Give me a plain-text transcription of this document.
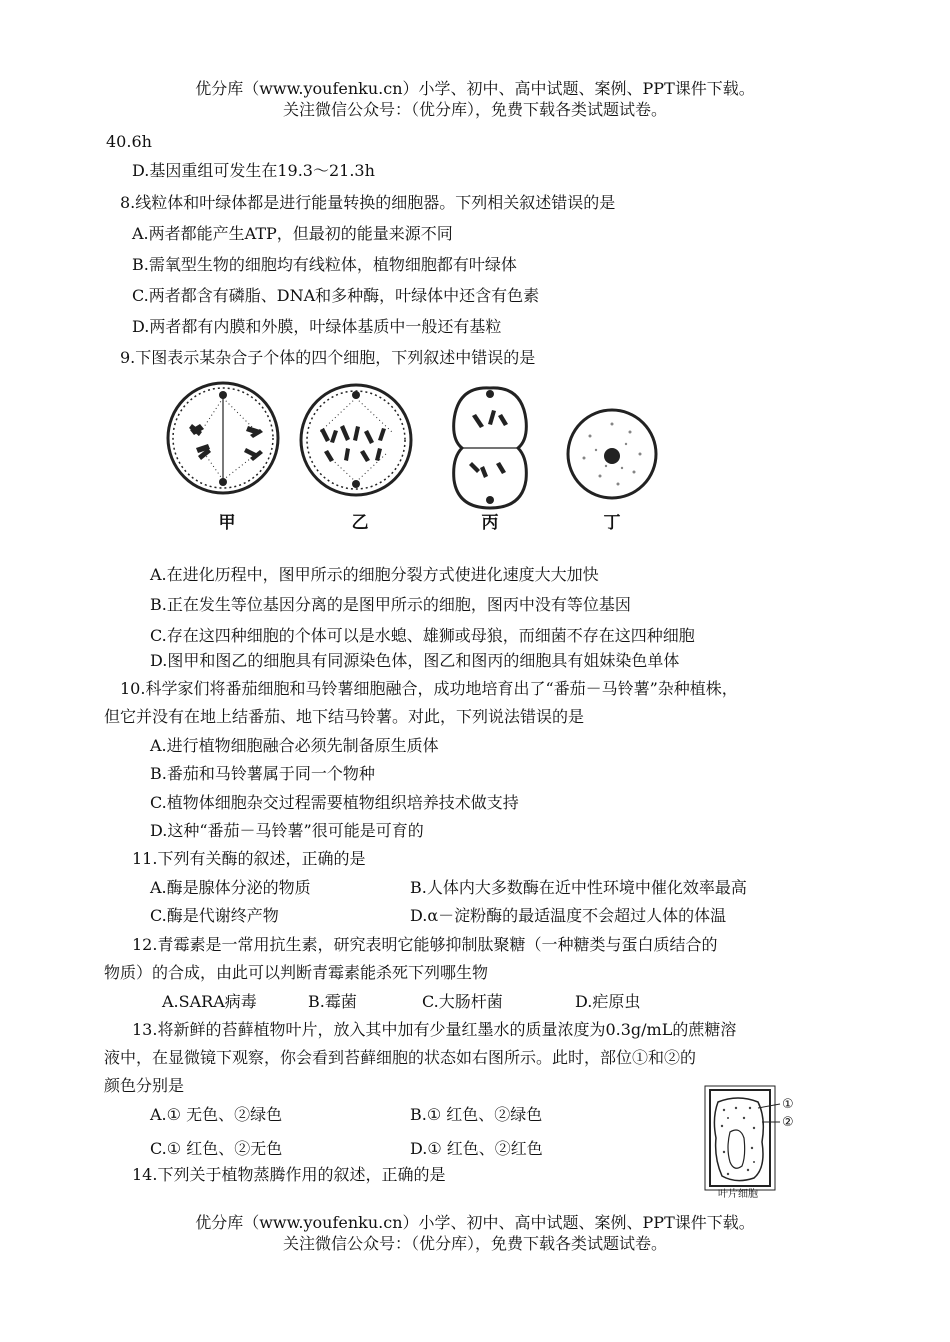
优分库（www.youfenku.cn）小学、初中、高中试题、案例、PPT课件下载。
关注微信公众号：（优分库），免费下载各类试题试卷。
40.6h
D.基因重组可发生在19.3～21.3h
8.线粒体和叶绿体都是进行能量转换的细胞器。下列相关叙述错误的是
A.两者都能产生ATP，但最初的能量来源不同
B.需氧型生物的细胞均有线粒体，植物细胞都有叶绿体
C.两者都含有磷脂、DNA和多种酶，叶绿体中还含有色素
D.两者都有内膜和外膜，叶绿体基质中一般还有基粒
9.下图表示某杂合子个体的四个细胞，下列叙述中错误的是
甲	乙	丙	丁
A.在进化历程中，图甲所示的细胞分裂方式使进化速度大大加快
B.正在发生等位基因分离的是图甲所示的细胞，图丙中没有等位基因
C.存在这四种细胞的个体可以是水螅、雄狮或母狼，而细菌不存在这四种细胞
D.图甲和图乙的细胞具有同源染色体，图乙和图丙的细胞具有姐妹染色单体
10.科学家们将番茄细胞和马铃薯细胞融合，成功地培育出了“番茄－马铃薯”杂种植株，
但它并没有在地上结番茄、地下结马铃薯。对此，下列说法错误的是
A.进行植物细胞融合必须先制备原生质体
B.番茄和马铃薯属于同一个物种
C.植物体细胞杂交过程需要植物组织培养技术做支持
D.这种“番茄－马铃薯”很可能是可育的
11.下列有关酶的叙述，正确的是
A.酶是腺体分泌的物质	B.人体内大多数酶在近中性环境中催化效率最高
C.酶是代谢终产物	D.α－淀粉酶的最适温度不会超过人体的体温
12.青霉素是一常用抗生素，研究表明它能够抑制肽聚糖（一种糖类与蛋白质结合的
物质）的合成，由此可以判断青霉素能杀死下列哪生物
A.SARA病毒	B.霉菌	C.大肠杆菌	D.疟原虫
13.将新鲜的苔藓植物叶片，放入其中加有少量红墨水的质量浓度为0.3g/mL的蔗糖溶
液中，在显微镜下观察，你会看到苔藓细胞的状态如右图所示。此时，部位①和②的
颜色分别是
A.① 无色、②绿色	B.① 红色、②绿色
C.① 红色、②无色	D.① 红色、②红色
①
②
叶片细胞
14.下列关于植物蒸腾作用的叙述，正确的是
优分库（www.youfenku.cn）小学、初中、高中试题、案例、PPT课件下载。
关注微信公众号：（优分库），免费下载各类试题试卷。
